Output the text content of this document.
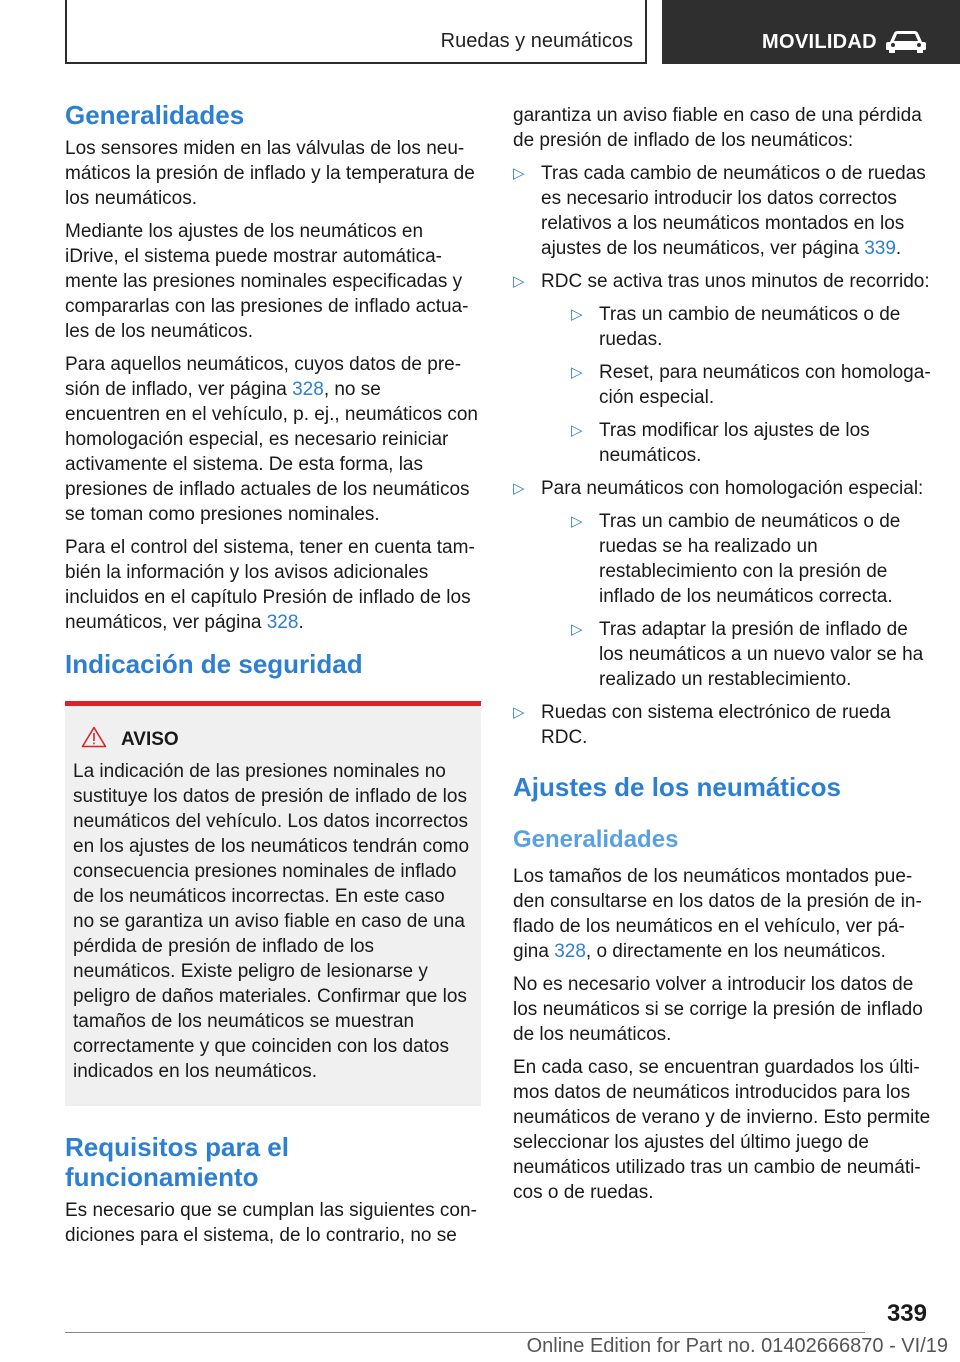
Ruedas y neumáticos	MOVILIDAD
Generalidades

Los sensores miden en las válvulas de los neumáticos la presión de inflado y la temperatura de los neumáticos.

Mediante los ajustes de los neumáticos en iDrive, el sistema puede mostrar automáticamente las presiones nominales especificadas y compararlas con las presiones de inflado actuales de los neumáticos.

Para aquellos neumáticos, cuyos datos de presión de inflado, ver página 328, no se encuentren en el vehículo, p. ej., neumáticos con homologación especial, es necesario reiniciar activamente el sistema. De esta forma, las presiones de inflado actuales de los neumáticos se toman como presiones nominales.

Para el control del sistema, tener en cuenta también la información y los avisos adicionales incluidos en el capítulo Presión de inflado de los neumáticos, ver página 328.

Indicación de seguridad
AVISO

La indicación de las presiones nominales no sustituye los datos de presión de inflado de los neumáticos del vehículo. Los datos incorrectos en los ajustes de los neumáticos tendrán como consecuencia presiones nominales de inflado de los neumáticos incorrectas. En este caso no se garantiza un aviso fiable en caso de una pérdida de presión de inflado de los neumáticos. Existe peligro de lesionarse y peligro de daños materiales. Confirmar que los tamaños de los neumáticos se muestran correctamente y que coinciden con los datos indicados en los neumáticos.

Requisitos para el funcionamiento

Es necesario que se cumplan las siguientes condiciones para el sistema, de lo contrario, no se

garantiza un aviso fiable en caso de una pérdida de presión de inflado de los neumáticos:

▷ Tras cada cambio de neumáticos o de ruedas es necesario introducir los datos correctos relativos a los neumáticos montados en los ajustes de los neumáticos, ver página 339.
▷ RDC se activa tras unos minutos de recorrido:
▷ Tras un cambio de neumáticos o de ruedas.
▷ Reset, para neumáticos con homologación especial.
▷ Tras modificar los ajustes de los neumáticos.
▷ Para neumáticos con homologación especial:
▷ Tras un cambio de neumáticos o de ruedas se ha realizado un restablecimiento con la presión de inflado de los neumáticos correcta.
▷ Tras adaptar la presión de inflado de los neumáticos a un nuevo valor se ha realizado un restablecimiento.
▷ Ruedas con sistema electrónico de rueda RDC.
Ajustes de los neumáticos
Generalidades

Los tamaños de los neumáticos montados pueden consultarse en los datos de la presión de inflado de los neumáticos en el vehículo, ver página 328, o directamente en los neumáticos.

No es necesario volver a introducir los datos de los neumáticos si se corrige la presión de inflado de los neumáticos.

En cada caso, se encuentran guardados los últimos datos de neumáticos introducidos para los neumáticos de verano y de invierno. Esto permite seleccionar los ajustes del último juego de neumáticos utilizado tras un cambio de neumáticos o de ruedas.

339
Online Edition for Part no. 01402666870 - VI/19
